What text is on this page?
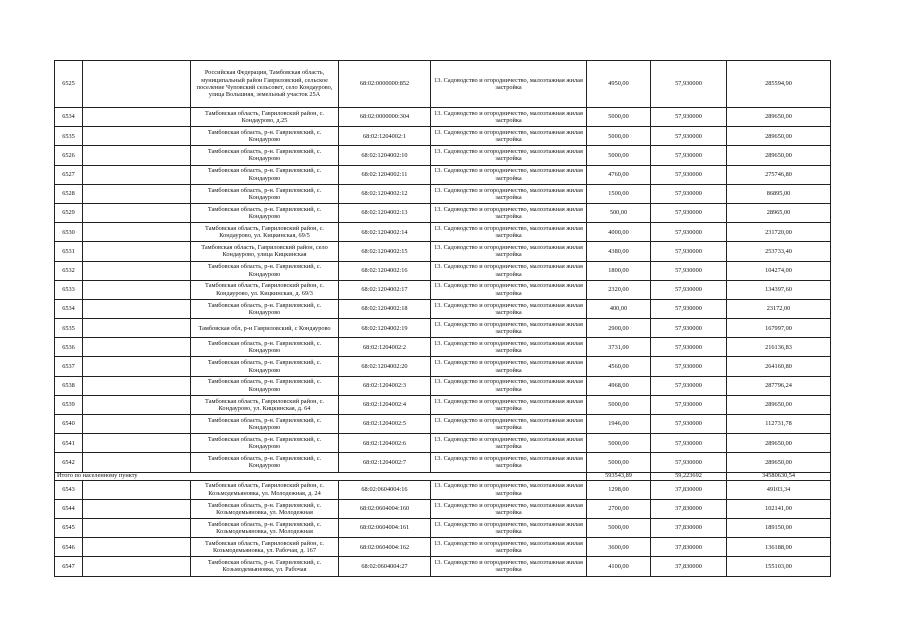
6525		Российская Федерация, Тамбовская область, муниципальный район Гавриловский, сельское поселение Чуповский сельсовет, село Кондаурово, улица Вольшняя, земельный участок 25А	68:02:0000000:852	13. Садоводство и огородничество, малоэтажная жилая застройка	4950,00	57,930000	285594,90
6534		Тамбовская область, Гавриловский район, с. Кондаурово, д.25	68:02:0000000:304	13. Садоводство и огородничество, малоэтажная жилая застройка	5000,00	57,930000	289650,00
6535		Тамбовская область, р-н. Гавриловский, с. Кондаурово	68:02:1204002:1	13. Садоводство и огородничество, малоэтажная жилая застройка	5000,00	57,930000	289650,00
6526		Тамбовская область, р-н. Гавриловский, с. Кондаурово	68:02:1204002:10	13. Садоводство и огородничество, малоэтажная жилая застройка	5000,00	57,930000	289650,00
6527		Тамбовская область, р-н. Гавриловский, с. Кондаурово	68:02:1204002:11	13. Садоводство и огородничество, малоэтажная жилая застройка	4760,00	57,930000	275746,80
6528		Тамбовская область, р-н. Гавриловский, с. Кондаурово	68:02:1204002:12	13. Садоводство и огородничество, малоэтажная жилая застройка	1500,00	57,930000	86895,00
6529		Тамбовская область, р-н. Гавриловский, с. Кондаурово	68:02:1204002:13	13. Садоводство и огородничество, малоэтажная жилая застройка	500,00	57,930000	28965,00
6530		Тамбовская область, Гавриловский район, с. Кондаурово, ул. Кицкинская, 69/5	68:02:1204002:14	13. Садоводство и огородничество, малоэтажная жилая застройка	4000,00	57,930000	231720,00
6531		Тамбовская область, Гавриловский район, село Кондаурово, улица Кицкинская	68:02:1204002:15	13. Садоводство и огородничество, малоэтажная жилая застройка	4380,00	57,930000	253733,40
6532		Тамбовская область, р-н. Гавриловский, с. Кондаурово	68:02:1204002:16	13. Садоводство и огородничество, малоэтажная жилая застройка	1800,00	57,930000	104274,00
6533		Тамбовская область, Гавриловский район, с. Кондаурово, ул. Кицкинская, д. 69/3	68:02:1204002:17	13. Садоводство и огородничество, малоэтажная жилая застройка	2320,00	57,930000	134397,60
6534		Тамбовская область, р-н. Гавриловский, с. Кондаурово	68:02:1204002:18	13. Садоводство и огородничество, малоэтажная жилая застройка	400,00	57,930000	23172,00
6535		Тамбовская обл, р-н Гавриловский, с Кондаурово	68:02:1204002:19	13. Садоводство и огородничество, малоэтажная жилая застройка	2900,00	57,930000	167997,00
6536		Тамбовская область, р-н. Гавриловский, с. Кондаурово	68:02:1204002:2	13. Садоводство и огородничество, малоэтажная жилая застройка	3731,00	57,930000	216136,83
6537		Тамбовская область, р-н. Гавриловский, с. Кондаурово	68:02:1204002:20	13. Садоводство и огородничество, малоэтажная жилая застройка	4560,00	57,930000	264160,80
6538		Тамбовская область, р-н. Гавриловский, с. Кондаурово	68:02:1204002:3	13. Садоводство и огородничество, малоэтажная жилая застройка	4968,00	57,930000	287796,24
6539		Тамбовская область, Гавриловский район, с. Кондаурово, ул. Кицкинская, д. 64	68:02:1204002:4	13. Садоводство и огородничество, малоэтажная жилая застройка	5000,00	57,930000	289650,00
6540		Тамбовская область, р-н. Гавриловский, с. Кондаурово	68:02:1204002:5	13. Садоводство и огородничество, малоэтажная жилая застройка	1946,00	57,930000	112731,78
6541		Тамбовская область, р-н. Гавриловский, с. Кондаурово	68:02:1204002:6	13. Садоводство и огородничество, малоэтажная жилая застройка	5000,00	57,930000	289650,00
6542		Тамбовская область, р-н. Гавриловский, с. Кондаурово	68:02:1204002:7	13. Садоводство и огородничество, малоэтажная жилая застройка	5000,00	57,930000	289650,00
Итого по населенному пункту					593543,89	59,223692	34580630,54
6543		Тамбовская область, Гавриловский район, с. Козьмодемьяновка, ул. Молодежная, д. 24	68:02:0604004:16	13. Садоводство и огородничество, малоэтажная жилая застройка	1298,00	37,830000	49103,34
6544		Тамбовская область, р-н. Гавриловский, с. Козьмодемьяновка, ул. Молодежная	68:02:0604004:160	13. Садоводство и огородничество, малоэтажная жилая застройка	2700,00	37,830000	102141,00
6545		Тамбовская область, р-н. Гавриловский, с. Козьмодемьяновка, ул. Молодежная	68:02:0604004:161	13. Садоводство и огородничество, малоэтажная жилая застройка	5000,00	37,830000	189150,00
6546		Тамбовская область, Гавриловский район, с. Козьмодемьяновка, ул. Рабочая, д. 167	68:02:0604004:162	13. Садоводство и огородничество, малоэтажная жилая застройка	3600,00	37,830000	136188,00
6547		Тамбовская область, р-н. Гавриловский, с. Козьмодемьяновка, ул. Рабочая	68:02:0604004:27	13. Садоводство и огородничество, малоэтажная жилая застройка	4100,00	37,830000	155103,00
